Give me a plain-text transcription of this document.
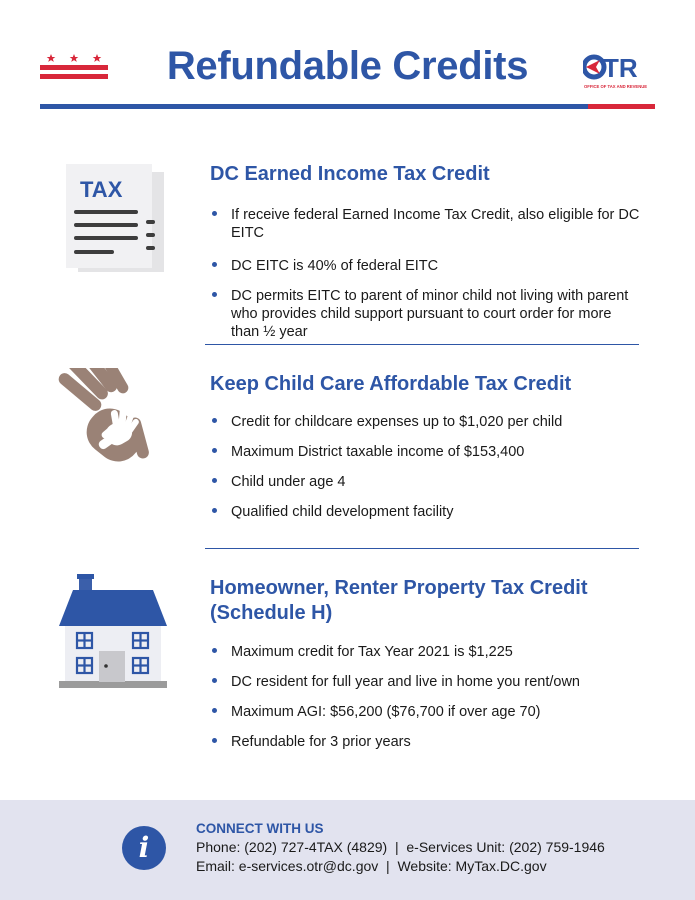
Refundable Credits	TR
OFFICE OF TAX AND REVENUE
TAX
DC Earned Income Tax Credit
If receive federal Earned Income Tax Credit, also eligible for DC EITC
DC EITC is 40% of federal EITC
DC permits EITC to parent of minor child not living with parent who provides child support pursuant to court order for more than ½ year
Keep Child Care Affordable Tax Credit
Credit for childcare expenses up to $1,020 per child
Maximum District taxable income of $153,400
Child under age 4
Qualified child development facility
Homeowner, Renter Property Tax Credit (Schedule H)
Maximum credit for Tax Year 2021 is $1,225
DC resident for full year and live in home you rent/own
Maximum AGI: $56,200 ($76,700 if over age 70)
Refundable for 3 prior years
i
CONNECT WITH US
Phone: (202) 727-4TAX (4829)  |  e-Services Unit: (202) 759-1946
Email: e-services.otr@dc.gov  |  Website: MyTax.DC.gov
